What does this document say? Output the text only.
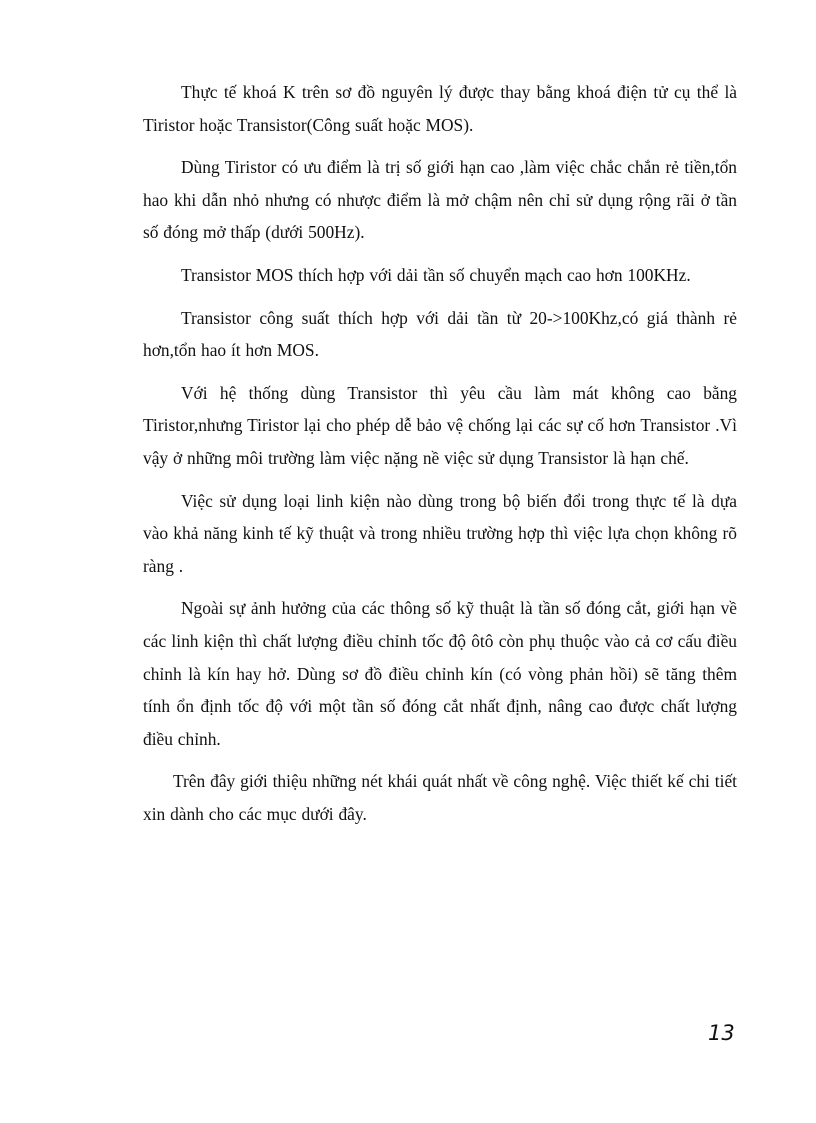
Thực tế khoá K trên sơ đồ nguyên lý được thay bằng khoá điện tử cụ thể là Tiristor hoặc Transistor(Công suất hoặc MOS).

Dùng Tiristor có ưu điểm là trị số giới hạn cao ,làm việc chắc chắn rẻ tiền,tổn hao khi dẫn nhỏ nhưng có nhược điểm là mở chậm nên chỉ sử dụng rộng rãi ở tần số đóng mở thấp (dưới 500Hz).

Transistor MOS thích hợp với dải tần số chuyển mạch cao hơn 100KHz.

Transistor công suất thích hợp với dải tần từ 20->100Khz,có giá thành rẻ hơn,tổn hao ít hơn MOS.

Với hệ thống dùng Transistor thì yêu cầu làm mát không cao bằng Tiristor,nhưng Tiristor lại cho phép dễ bảo vệ chống lại các sự cố hơn Transistor .Vì vậy ở những môi trường làm việc nặng nề việc sử dụng Transistor là hạn chế.

Việc sử dụng loại linh kiện nào dùng trong bộ biến đổi trong thực tế là dựa vào khả năng kinh tế kỹ thuật và trong nhiều trường hợp thì việc lựa chọn không rõ ràng .

Ngoài sự ảnh hưởng của các thông số kỹ thuật là tần số đóng cắt, giới hạn về các linh kiện thì chất lượng điều chỉnh tốc độ ôtô còn phụ thuộc vào cả cơ cấu điều chỉnh là kín hay hở. Dùng sơ đồ điều chỉnh kín (có vòng phản hồi) sẽ tăng thêm tính ổn định tốc độ với một tần số đóng cắt nhất định, nâng cao được chất lượng điều chỉnh.

Trên đây giới thiệu những nét khái quát nhất về công nghệ. Việc thiết kế chi tiết xin dành cho các mục dưới đây.

13
